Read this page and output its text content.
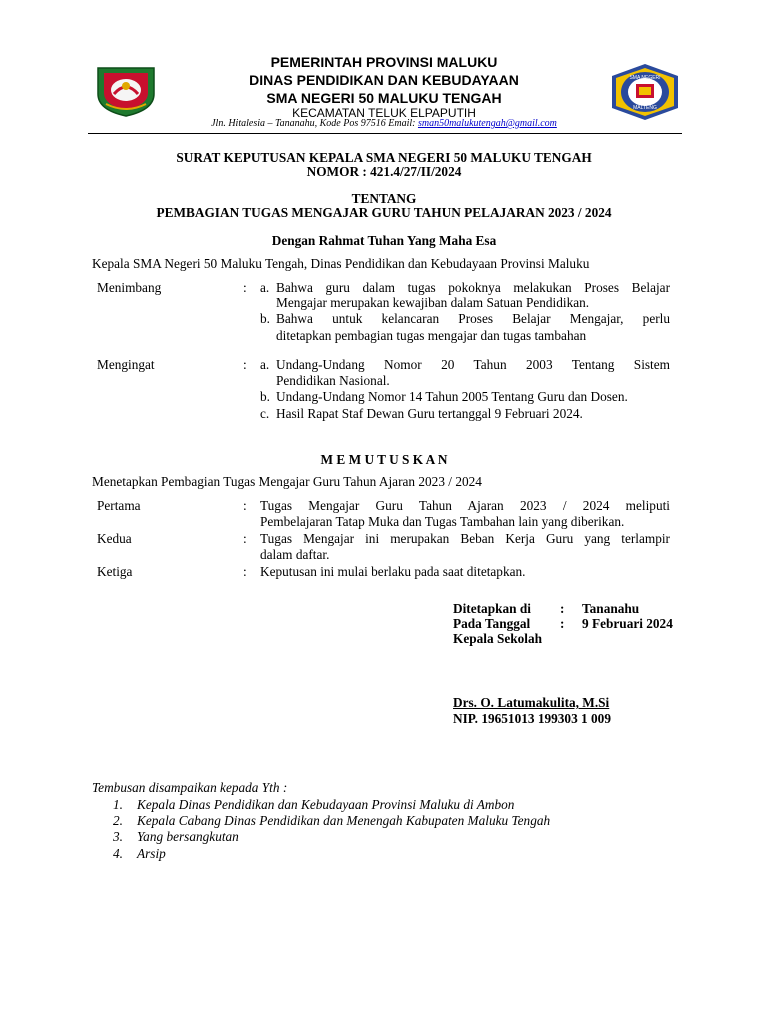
SMA NEGERI
MALTENG
PEMERINTAH PROVINSI MALUKU
DINAS PENDIDIKAN DAN KEBUDAYAAN
SMA NEGERI 50 MALUKU TENGAH
KECAMATAN TELUK ELPAPUTIH
Jln. Hitalesia – Tananahu, Kode Pos 97516 Email: sman50malukutengah@gmail.com
SURAT KEPUTUSAN KEPALA SMA NEGERI 50 MALUKU TENGAH
NOMOR : 421.4/27/II/2024
TENTANG
PEMBAGIAN TUGAS MENGAJAR GURU TAHUN PELAJARAN 2023 / 2024
Dengan Rahmat Tuhan Yang Maha Esa
Kepala SMA Negeri 50 Maluku Tengah, Dinas Pendidikan dan Kebudayaan Provinsi Maluku
Menimbang	: a. Bahwa guru dalam tugas pokoknya melakukan Proses Belajar
Mengajar merupakan kewajiban dalam Satuan Pendidikan.
b. Bahwa untuk kelancaran Proses Belajar Mengajar, perlu
ditetapkan pembagian tugas mengajar dan tugas tambahan
Mengingat	: a. Undang-Undang Nomor 20 Tahun 2003 Tentang Sistem
Pendidikan Nasional.
b. Undang-Undang Nomor 14 Tahun 2005 Tentang Guru dan Dosen.
c. Hasil Rapat Staf Dewan Guru tertanggal 9 Februari 2024.
M E M U T U S K A N
Menetapkan Pembagian Tugas Mengajar Guru Tahun Ajaran 2023 / 2024
Pertama	: Tugas Mengajar Guru Tahun Ajaran 2023 / 2024 meliputi
Pembelajaran Tatap Muka dan Tugas Tambahan lain yang diberikan.
Kedua	: Tugas Mengajar ini merupakan Beban Kerja Guru yang terlampir
dalam daftar.
Ketiga	: Keputusan ini mulai berlaku pada saat ditetapkan.
Ditetapkan di : Tananahu
Pada Tanggal : 9 Februari 2024
Kepala Sekolah
Drs. O. Latumakulita, M.Si
NIP. 19651013 199303 1 009
Tembusan disampaikan kepada Yth :
1. Kepala Dinas Pendidikan dan Kebudayaan Provinsi Maluku di Ambon
2. Kepala Cabang Dinas Pendidikan dan Menengah Kabupaten Maluku Tengah
3. Yang bersangkutan
4. Arsip
